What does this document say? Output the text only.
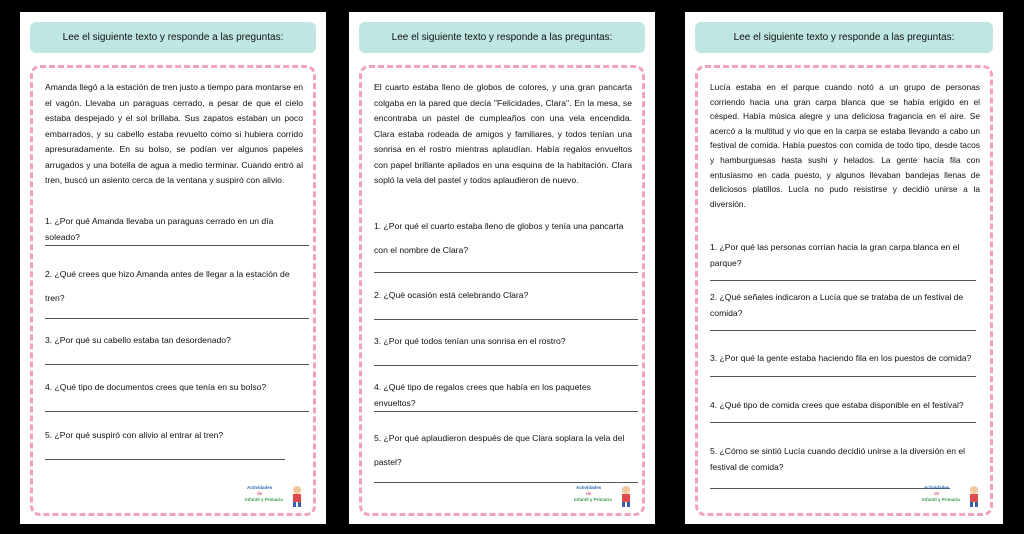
Lee el siguiente texto y responde a las preguntas:
Amanda llegó a la estación de tren justo a tiempo para montarse en el vagón. Llevaba un paraguas cerrado, a pesar de que el cielo estaba despejado y el sol brillaba. Sus zapatos estaban un poco embarrados, y su cabello estaba revuelto como si hubiera corrido apresuradamente. En su bolso, se podían ver algunos papeles arrugados y una botella de agua a medio terminar. Cuando entró al tren, buscó un asiento cerca de la ventana y suspiró con alivio.
1. ¿Por qué Amanda llevaba un paraguas cerrado en un día soleado?
2. ¿Qué crees que hizo Amanda antes de llegar a la estación de tren?
3. ¿Por qué su cabello estaba tan desordenado?
4. ¿Qué tipo de documentos crees que tenía en su bolso?
5. ¿Por qué suspiró con alivio al entrar al tren?
Actividades
de
Infantil y Primaria
Lee el siguiente texto y responde a las preguntas:
El cuarto estaba lleno de globos de colores, y una gran pancarta colgaba en la pared que decía "Felicidades, Clara". En la mesa, se encontraba un pastel de cumpleaños con una vela encendida. Clara estaba rodeada de amigos y familiares, y todos tenían una sonrisa en el rostro mientras aplaudían. Había regalos envueltos con papel brillante apilados en una esquina de la habitación. Clara sopló la vela del pastel y todos aplaudieron de nuevo.
1. ¿Por qué el cuarto estaba lleno de globos y tenía una pancarta con el nombre de Clara?
2. ¿Qué ocasión está celebrando Clara?
3. ¿Por qué todos tenían una sonrisa en el rostro?
4. ¿Qué tipo de regalos crees que había en los paquetes envueltos?
5. ¿Por qué aplaudieron después de que Clara soplara la vela del pastel?
Actividades
de
Infantil y Primaria
Lee el siguiente texto y responde a las preguntas:
Lucía estaba en el parque cuando notó a un grupo de personas corriendo hacia una gran carpa blanca que se había erigido en el césped. Había música alegre y una deliciosa fragancia en el aire. Se acercó a la multitud y vio que en la carpa se estaba llevando a cabo un festival de comida. Había puestos con comida de todo tipo, desde tacos y hamburguesas hasta sushi y helados. La gente hacía fila con entusiasmo en cada puesto, y algunos llevaban bandejas llenas de deliciosos platillos. Lucía no pudo resistirse y decidió unirse a la diversión.
1. ¿Por qué las personas corrían hacia la gran carpa blanca en el parque?
2. ¿Qué señales indicaron a Lucía que se trataba de un festival de comida?
3. ¿Por qué la gente estaba haciendo fila en los puestos de comida?
4. ¿Qué tipo de comida crees que estaba disponible en el festival?
5. ¿Cómo se sintió Lucía cuando decidió unirse a la diversión en el festival de comida?
Actividades
de
Infantil y Primaria
